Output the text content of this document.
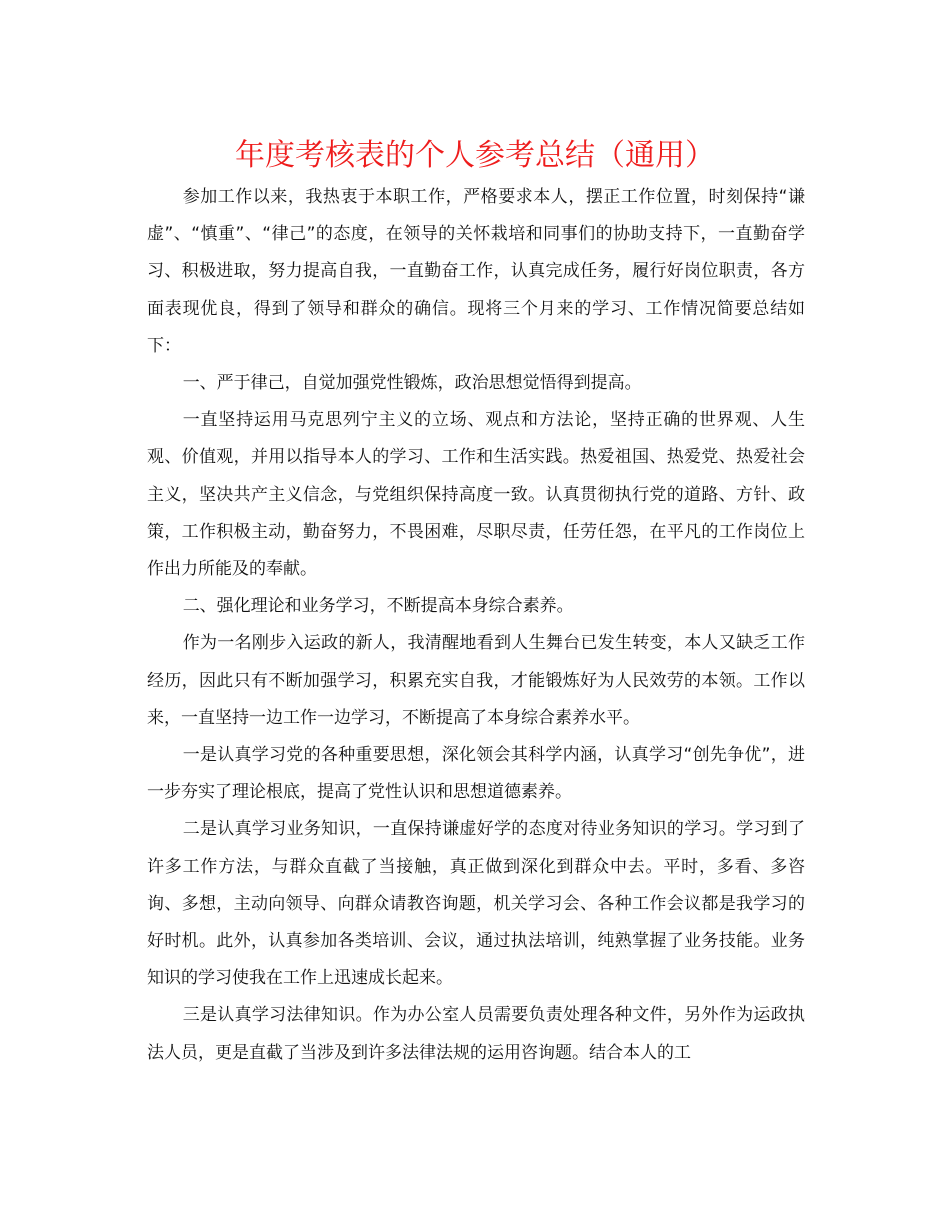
年度考核表的个人参考总结（通用）

参加工作以来，我热衷于本职工作，严格要求本人，摆正工作位置，时刻保持“谦虚”、“慎重”、“律己”的态度，在领导的关怀栽培和同事们的协助支持下，一直勤奋学习、积极进取，努力提高自我，一直勤奋工作，认真完成任务，履行好岗位职责，各方面表现优良，得到了领导和群众的确信。现将三个月来的学习、工作情况简要总结如下：

一、严于律己，自觉加强党性锻炼，政治思想觉悟得到提高。

一直坚持运用马克思列宁主义的立场、观点和方法论，坚持正确的世界观、人生观、价值观，并用以指导本人的学习、工作和生活实践。热爱祖国、热爱党、热爱社会主义，坚决共产主义信念，与党组织保持高度一致。认真贯彻执行党的道路、方针、政策，工作积极主动，勤奋努力，不畏困难，尽职尽责，任劳任怨，在平凡的工作岗位上作出力所能及的奉献。

二、强化理论和业务学习，不断提高本身综合素养。

作为一名刚步入运政的新人，我清醒地看到人生舞台已发生转变，本人又缺乏工作经历，因此只有不断加强学习，积累充实自我，才能锻炼好为人民效劳的本领。工作以来，一直坚持一边工作一边学习，不断提高了本身综合素养水平。

一是认真学习党的各种重要思想，深化领会其科学内涵，认真学习“创先争优”，进一步夯实了理论根底，提高了党性认识和思想道德素养。

二是认真学习业务知识，一直保持谦虚好学的态度对待业务知识的学习。学习到了许多工作方法，与群众直截了当接触，真正做到深化到群众中去。平时，多看、多咨询、多想，主动向领导、向群众请教咨询题，机关学习会、各种工作会议都是我学习的好时机。此外，认真参加各类培训、会议，通过执法培训，纯熟掌握了业务技能。业务知识的学习使我在工作上迅速成长起来。

三是认真学习法律知识。作为办公室人员需要负责处理各种文件，另外作为运政执法人员，更是直截了当涉及到许多法律法规的运用咨询题。结合本人的工
